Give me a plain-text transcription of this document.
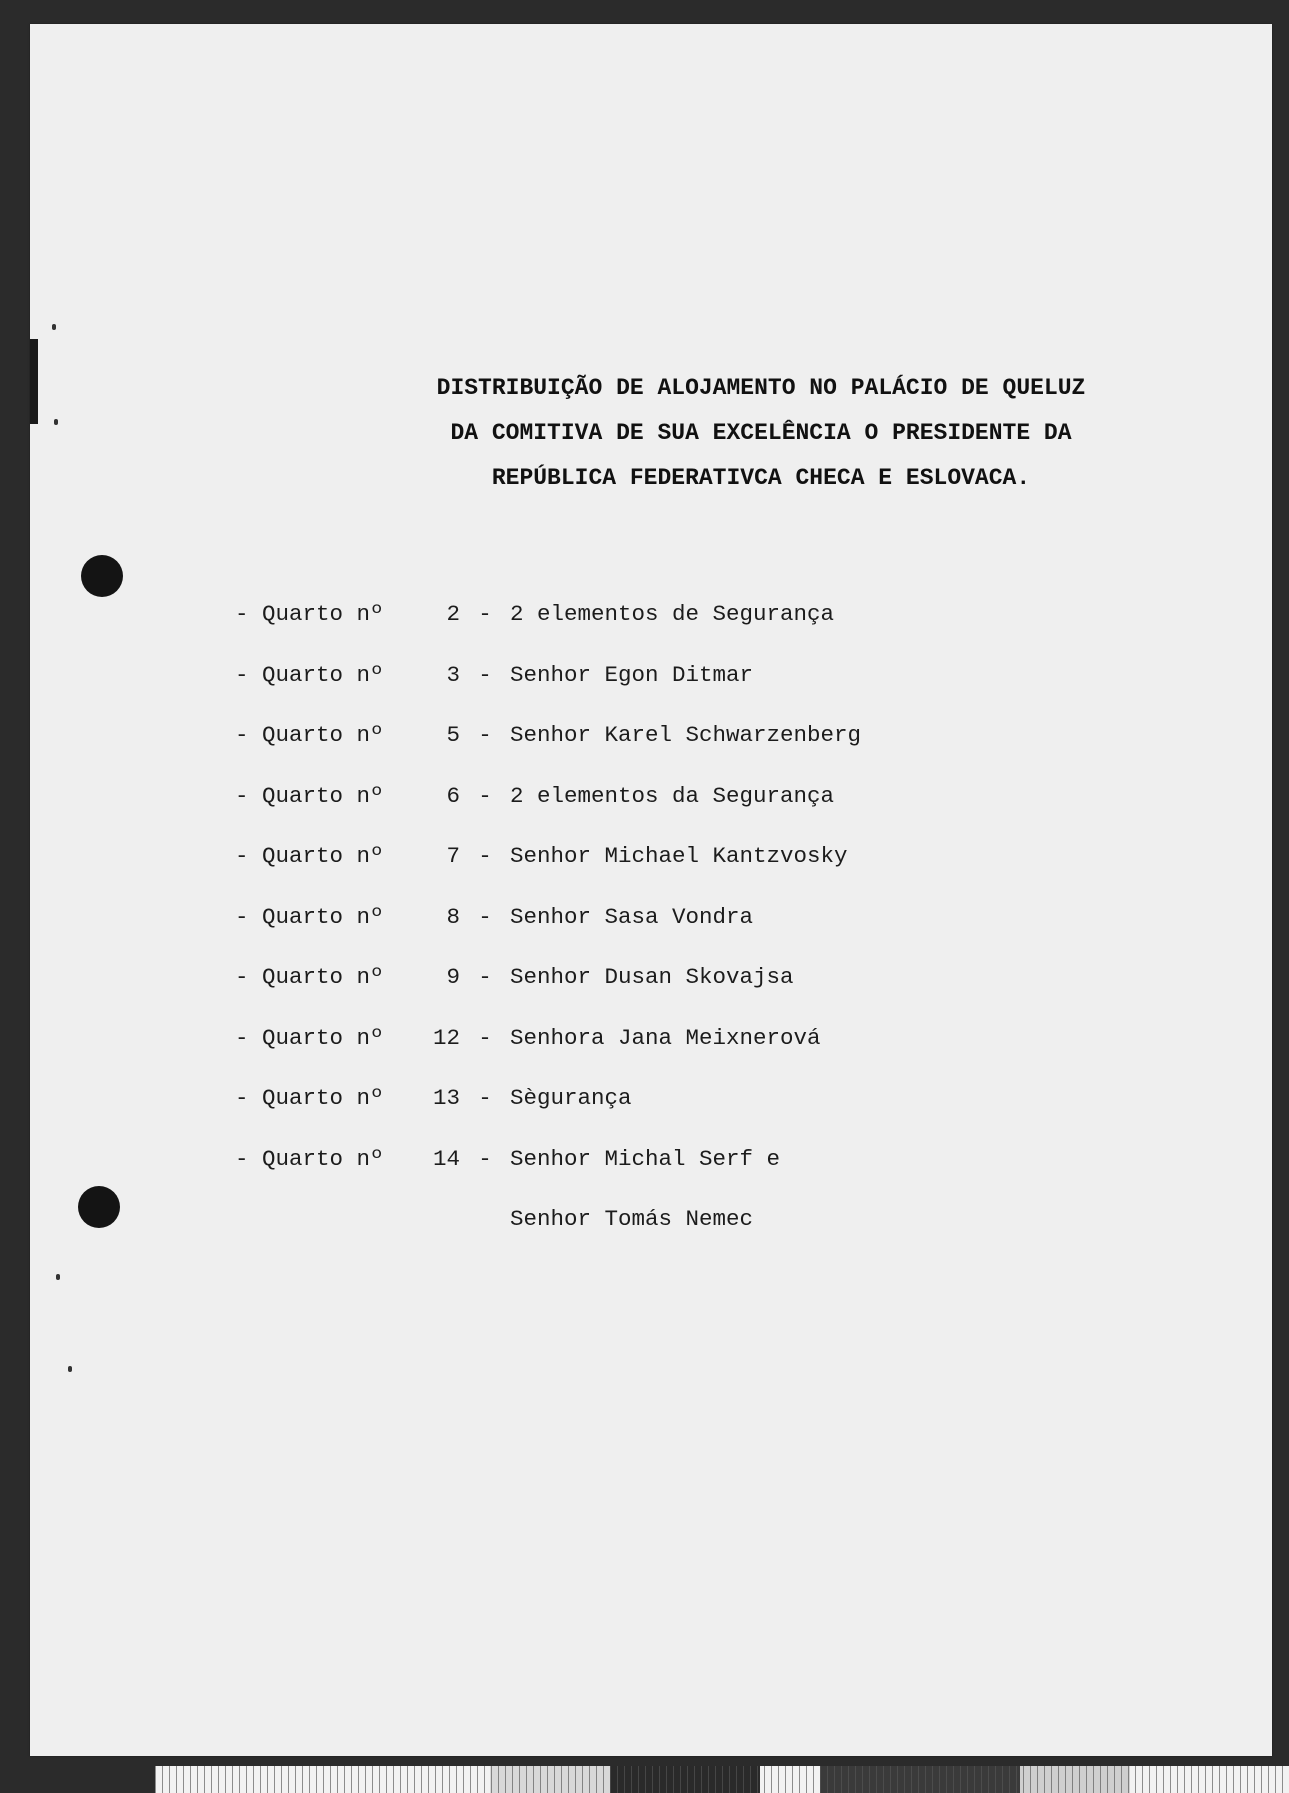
DISTRIBUIÇÃO DE ALOJAMENTO NO PALÁCIO DE QUELUZ
DA COMITIVA DE SUA EXCELÊNCIA O PRESIDENTE DA
REPÚBLICA FEDERATIVCA CHECA E ESLOVACA.
- Quarto nº	2 - 2 elementos de Segurança
- Quarto nº	3 - Senhor Egon Ditmar
- Quarto nº	5 - Senhor Karel Schwarzenberg
- Quarto nº	6 - 2 elementos da Segurança
- Quarto nº	7 - Senhor Michael Kantzvosky
- Quarto nº	8 - Senhor Sasa Vondra
- Quarto nº	9 - Senhor Dusan Skovajsa
- Quarto nº	12 - Senhora Jana Meixnerová
- Quarto nº	13 - Sègurança
- Quarto nº	14 - Senhor Michal Serf e

Senhor Tomás Nemec
